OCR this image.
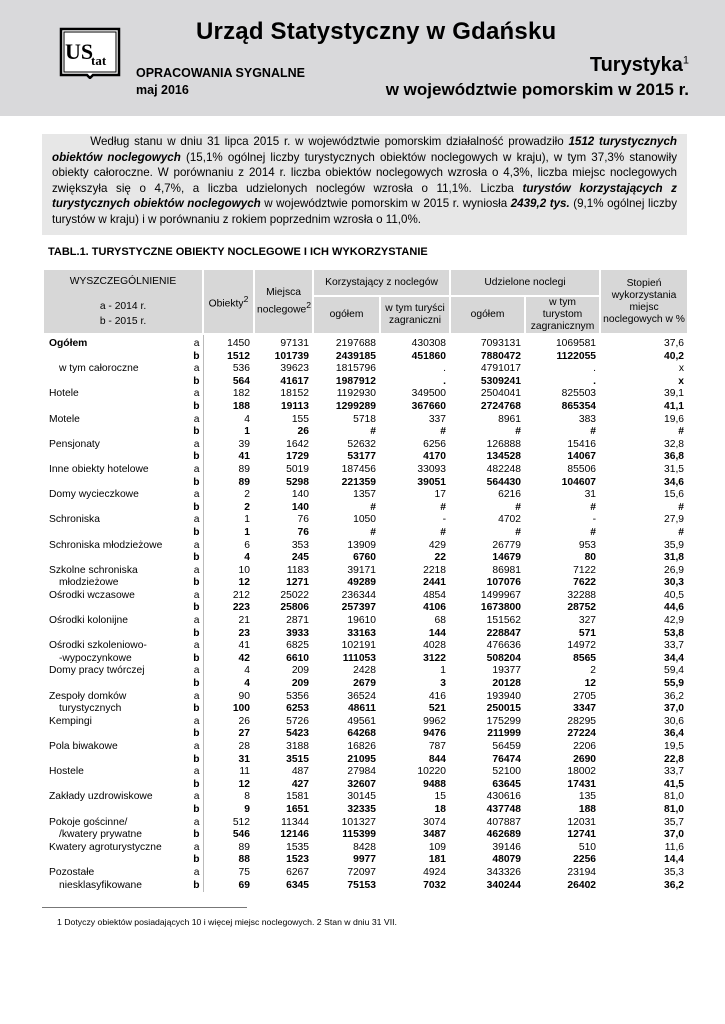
US
tat
Urząd Statystyczny w Gdańsku
OPRACOWANIA SYGNALNE
maj 2016
Turystyka$^1$
w województwie pomorskim w 2015 r.

Według stanu w dniu 31 lipca 2015 r. w województwie pomorskim działalność prowadziło 1512 turystycznych obiektów noclegowych (15,1% ogólnej liczby turystycznych obiektów noclegowych w kraju), w tym 37,3% stanowiły obiekty całoroczne. W porównaniu z 2014 r. liczba obiektów noclegowych wzrosła o 4,3%, liczba miejsc noclegowych zwiększyła się o 4,7%, a liczba udzielonych noclegów wzrosła o 11,1%. Liczba turystów korzystających z turystycznych obiektów noclegowych w województwie pomorskim w 2015 r. wyniosła 2439,2 tys. (9,1% ogólnej liczby turystów w kraju) i w porównaniu z rokiem poprzednim wzrosła o 11,0%.

TABL.1. TURYSTYCZNE OBIEKTY NOCLEGOWE I ICH WYKORZYSTANIE
WYSZCZEGÓLNIENIE
a - 2014 r.
b - 2015 r.		Obiekty$^2$	Miejsca noclegowe$^2$	Korzystający z noclegów		Udzielone noclegi		Stopień wykorzystania miejsc noclegowych w %
				ogółem	w tym turyści zagraniczni	ogółem	w tym turystom zagranicznym	
Ogółem	a	1450	97131	2197688	430308	7093131	1069581	37,6
	b	1512	101739	2439185	451860	7880472	1122055	40,2
w tym całoroczne	a	536	39623	1815796	.	4791017	.	x
	b	564	41617	1987912	.	5309241	.	x
Hotele	a	182	18152	1192930	349500	2504041	825503	39,1
	b	188	19113	1299289	367660	2724768	865354	41,1
Motele	a	4	155	5718	337	8961	383	19,6
	b	1	26	#	#	#	#	#
Pensjonaty	a	39	1642	52632	6256	126888	15416	32,8
	b	41	1729	53177	4170	134528	14067	36,8
Inne obiekty hotelowe	a	89	5019	187456	33093	482248	85506	31,5
	b	89	5298	221359	39051	564430	104607	34,6
Domy wycieczkowe	a	2	140	1357	17	6216	31	15,6
	b	2	140	#	#	#	#	#
Schroniska	a	1	76	1050	-	4702	-	27,9
	b	1	76	#	#	#	#	#
Schroniska młodzieżowe	a	6	353	13909	429	26779	953	35,9
	b	4	245	6760	22	14679	80	31,8
Szkolne schroniska	a	10	1183	39171	2218	86981	7122	26,9
młodzieżowe	b	12	1271	49289	2441	107076	7622	30,3
Ośrodki wczasowe	a	212	25022	236344	4854	1499967	32288	40,5
	b	223	25806	257397	4106	1673800	28752	44,6
Ośrodki kolonijne	a	21	2871	19610	68	151562	327	42,9
	b	23	3933	33163	144	228847	571	53,8
Ośrodki szkoleniowo-	a	41	6825	102191	4028	476636	14972	33,7
-wypoczynkowe	b	42	6610	111053	3122	508204	8565	34,4
Domy pracy twórczej	a	4	209	2428	1	19377	2	59,4
	b	4	209	2679	3	20128	12	55,9
Zespoły domków	a	90	5356	36524	416	193940	2705	36,2
turystycznych	b	100	6253	48611	521	250015	3347	37,0
Kempingi	a	26	5726	49561	9962	175299	28295	30,6
	b	27	5423	64268	9476	211999	27224	36,4
Pola biwakowe	a	28	3188	16826	787	56459	2206	19,5
	b	31	3515	21095	844	76474	2690	22,8
Hostele	a	11	487	27984	10220	52100	18002	33,7
	b	12	427	32607	9488	63645	17431	41,5
Zakłady uzdrowiskowe	a	8	1581	30145	15	430616	135	81,0
	b	9	1651	32335	18	437748	188	81,0
Pokoje gościnne/	a	512	11344	101327	3074	407887	12031	35,7
/kwatery prywatne	b	546	12146	115399	3487	462689	12741	37,0
Kwatery agroturystyczne	a	89	1535	8428	109	39146	510	11,6
	b	88	1523	9977	181	48079	2256	14,4
Pozostałe	a	75	6267	72097	4924	343326	23194	35,3
niesklasyfikowane	b	69	6345	75153	7032	340244	26402	36,2
1 Dotyczy obiektów posiadających 10 i więcej miejsc noclegowych. 2 Stan w dniu 31 VII.
